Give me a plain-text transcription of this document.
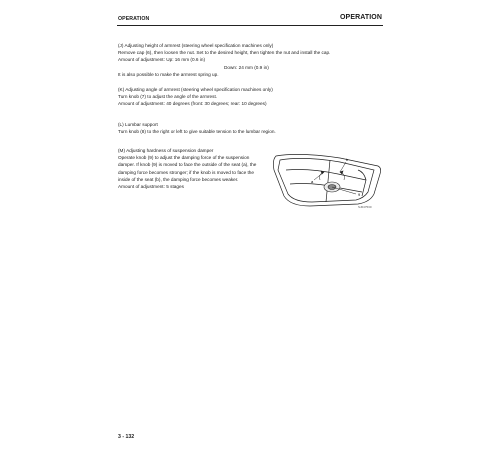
OPERATION	OPERATION

(J) Adjusting height of armrest (steering wheel specification machines only)

Remove cap (6), then loosen the nut. Set to the desired height, then tighten the nut and install the cap.

Amount of adjustment: Up: 16 mm (0.6 in)

Down: 24 mm (0.9 in)

It is also possible to make the armrest spring up.

(K) Adjusting angle of armrest (steering wheel specification machines only)

Turn knob (7) to adjust the angle of the armrest.

Amount of adjustment: 40 degrees (front: 30 degrees; rear: 10 degrees)

(L) Lumbar support

Turn knob (8) to the right or left to give suitable tension to the lumbar region.

(M) Adjusting hardness of suspension damper

Operate knob (9) to adjust the damping force of the suspension

damper. If knob (9) is moved to face the outside of the seat (a), the

damping force becomes stronger; if the knob is moved to face the

inside of the seat (b), the damping force becomes weaker.

Amount of adjustment: 5 stages

9
a
b
SJ047530
3 - 132
